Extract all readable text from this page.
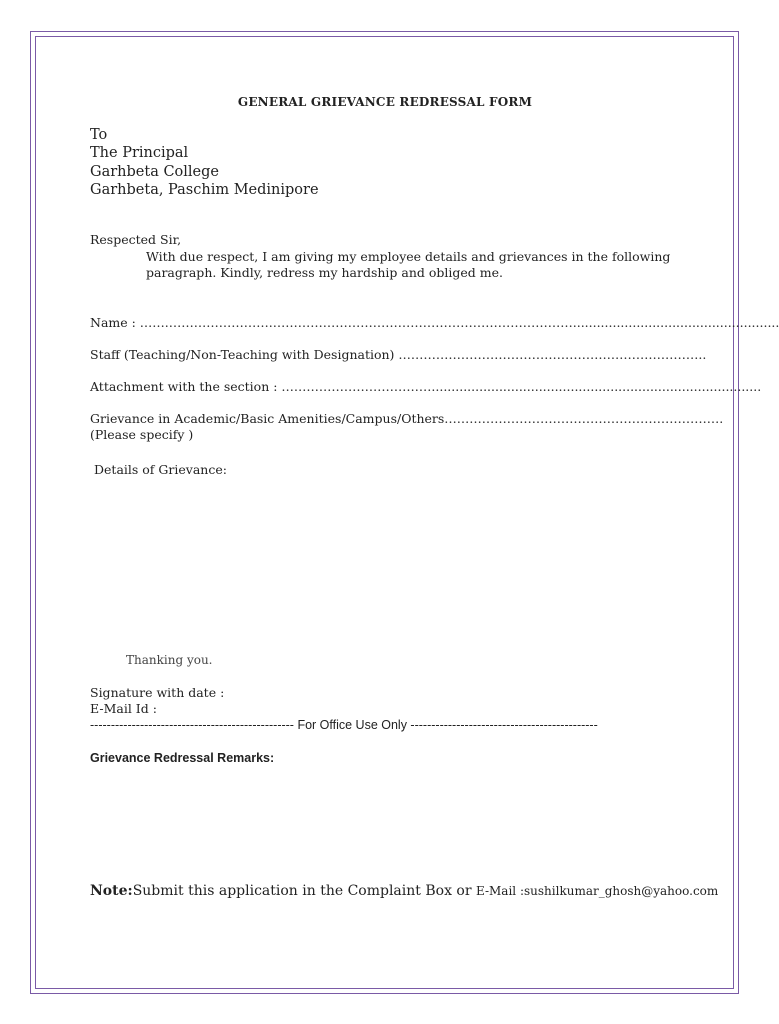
GENERAL GRIEVANCE REDRESSAL FORM
To
The Principal
Garhbeta College
Garhbeta, Paschim Medinipore
Respected Sir,
With due respect, I am giving my employee details and grievances in the following
paragraph. Kindly, redress my hardship and obliged me.
Name : …….…………………….………………………………………………………………....................................................
Staff (Teaching/Non-Teaching with Designation) ………………………………………………………………..
Attachment with the section : ………………………………...................................................................................
Grievance in Academic/Basic Amenities/Campus/Others………………………………………………………….
(Please specify )
Details of Grievance:
Thanking you.
Signature with date :
E-Mail Id :
------------------------------------------------- For Office Use Only ---------------------------------------------
Grievance Redressal Remarks:
Note:Submit this application in the Complaint Box or E-Mail :sushilkumar_ghosh@yahoo.com
